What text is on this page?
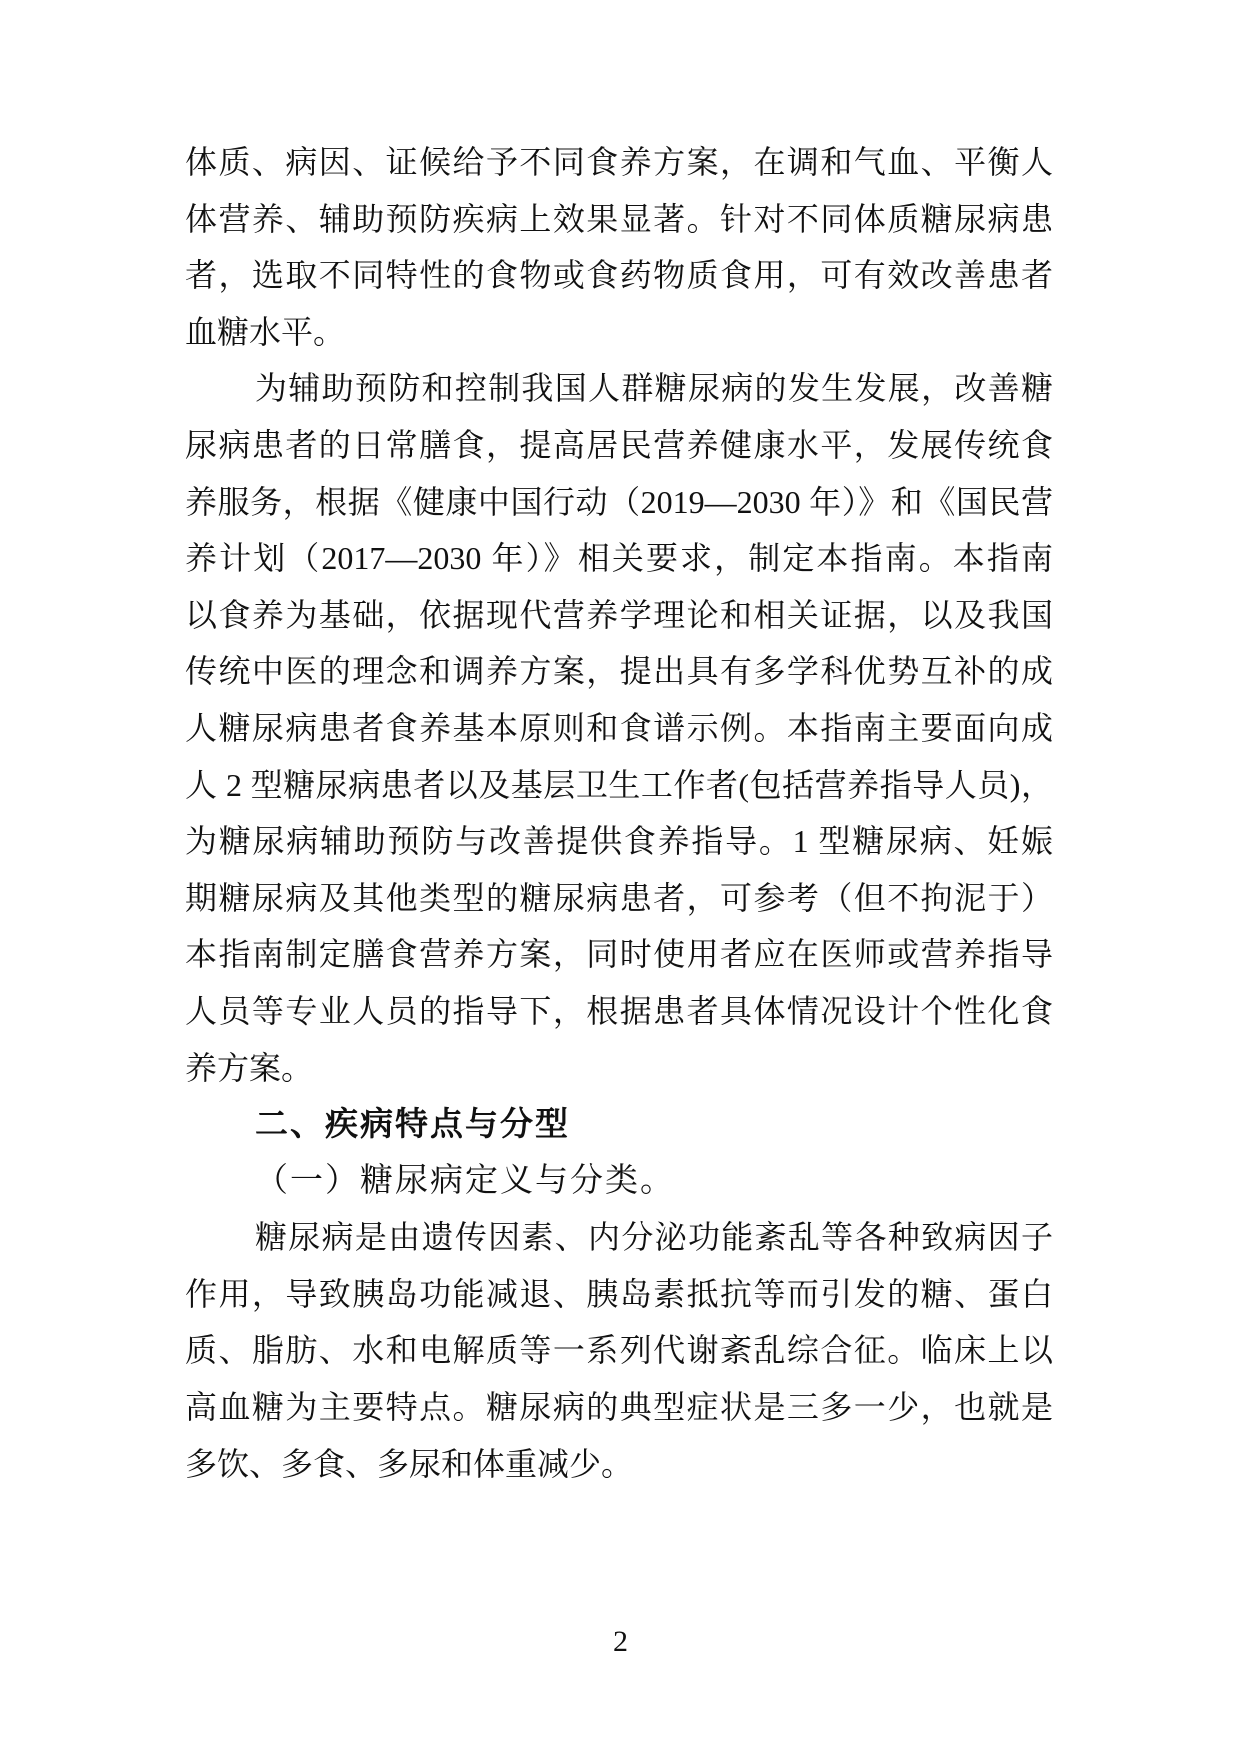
体质、病因、证候给予不同食养方案，在调和气血、平衡人
体营养、辅助预防疾病上效果显著。针对不同体质糖尿病患
者，选取不同特性的食物或食药物质食用，可有效改善患者
血糖水平。
为辅助预防和控制我国人群糖尿病的发生发展，改善糖
尿病患者的日常膳食，提高居民营养健康水平，发展传统食
养服务，根据《健康中国行动（2019—2030 年）》和《国民营
养计划（2017—2030 年）》相关要求，制定本指南。本指南
以食养为基础，依据现代营养学理论和相关证据，以及我国
传统中医的理念和调养方案，提出具有多学科优势互补的成
人糖尿病患者食养基本原则和食谱示例。本指南主要面向成
人 2 型糖尿病患者以及基层卫生工作者(包括营养指导人员)，
为糖尿病辅助预防与改善提供食养指导。1 型糖尿病、妊娠
期糖尿病及其他类型的糖尿病患者，可参考（但不拘泥于）
本指南制定膳食营养方案，同时使用者应在医师或营养指导
人员等专业人员的指导下，根据患者具体情况设计个性化食
养方案。
二、疾病特点与分型
（一）糖尿病定义与分类。
糖尿病是由遗传因素、内分泌功能紊乱等各种致病因子
作用，导致胰岛功能减退、胰岛素抵抗等而引发的糖、蛋白
质、脂肪、水和电解质等一系列代谢紊乱综合征。临床上以
高血糖为主要特点。糖尿病的典型症状是三多一少，也就是
多饮、多食、多尿和体重减少。
2
